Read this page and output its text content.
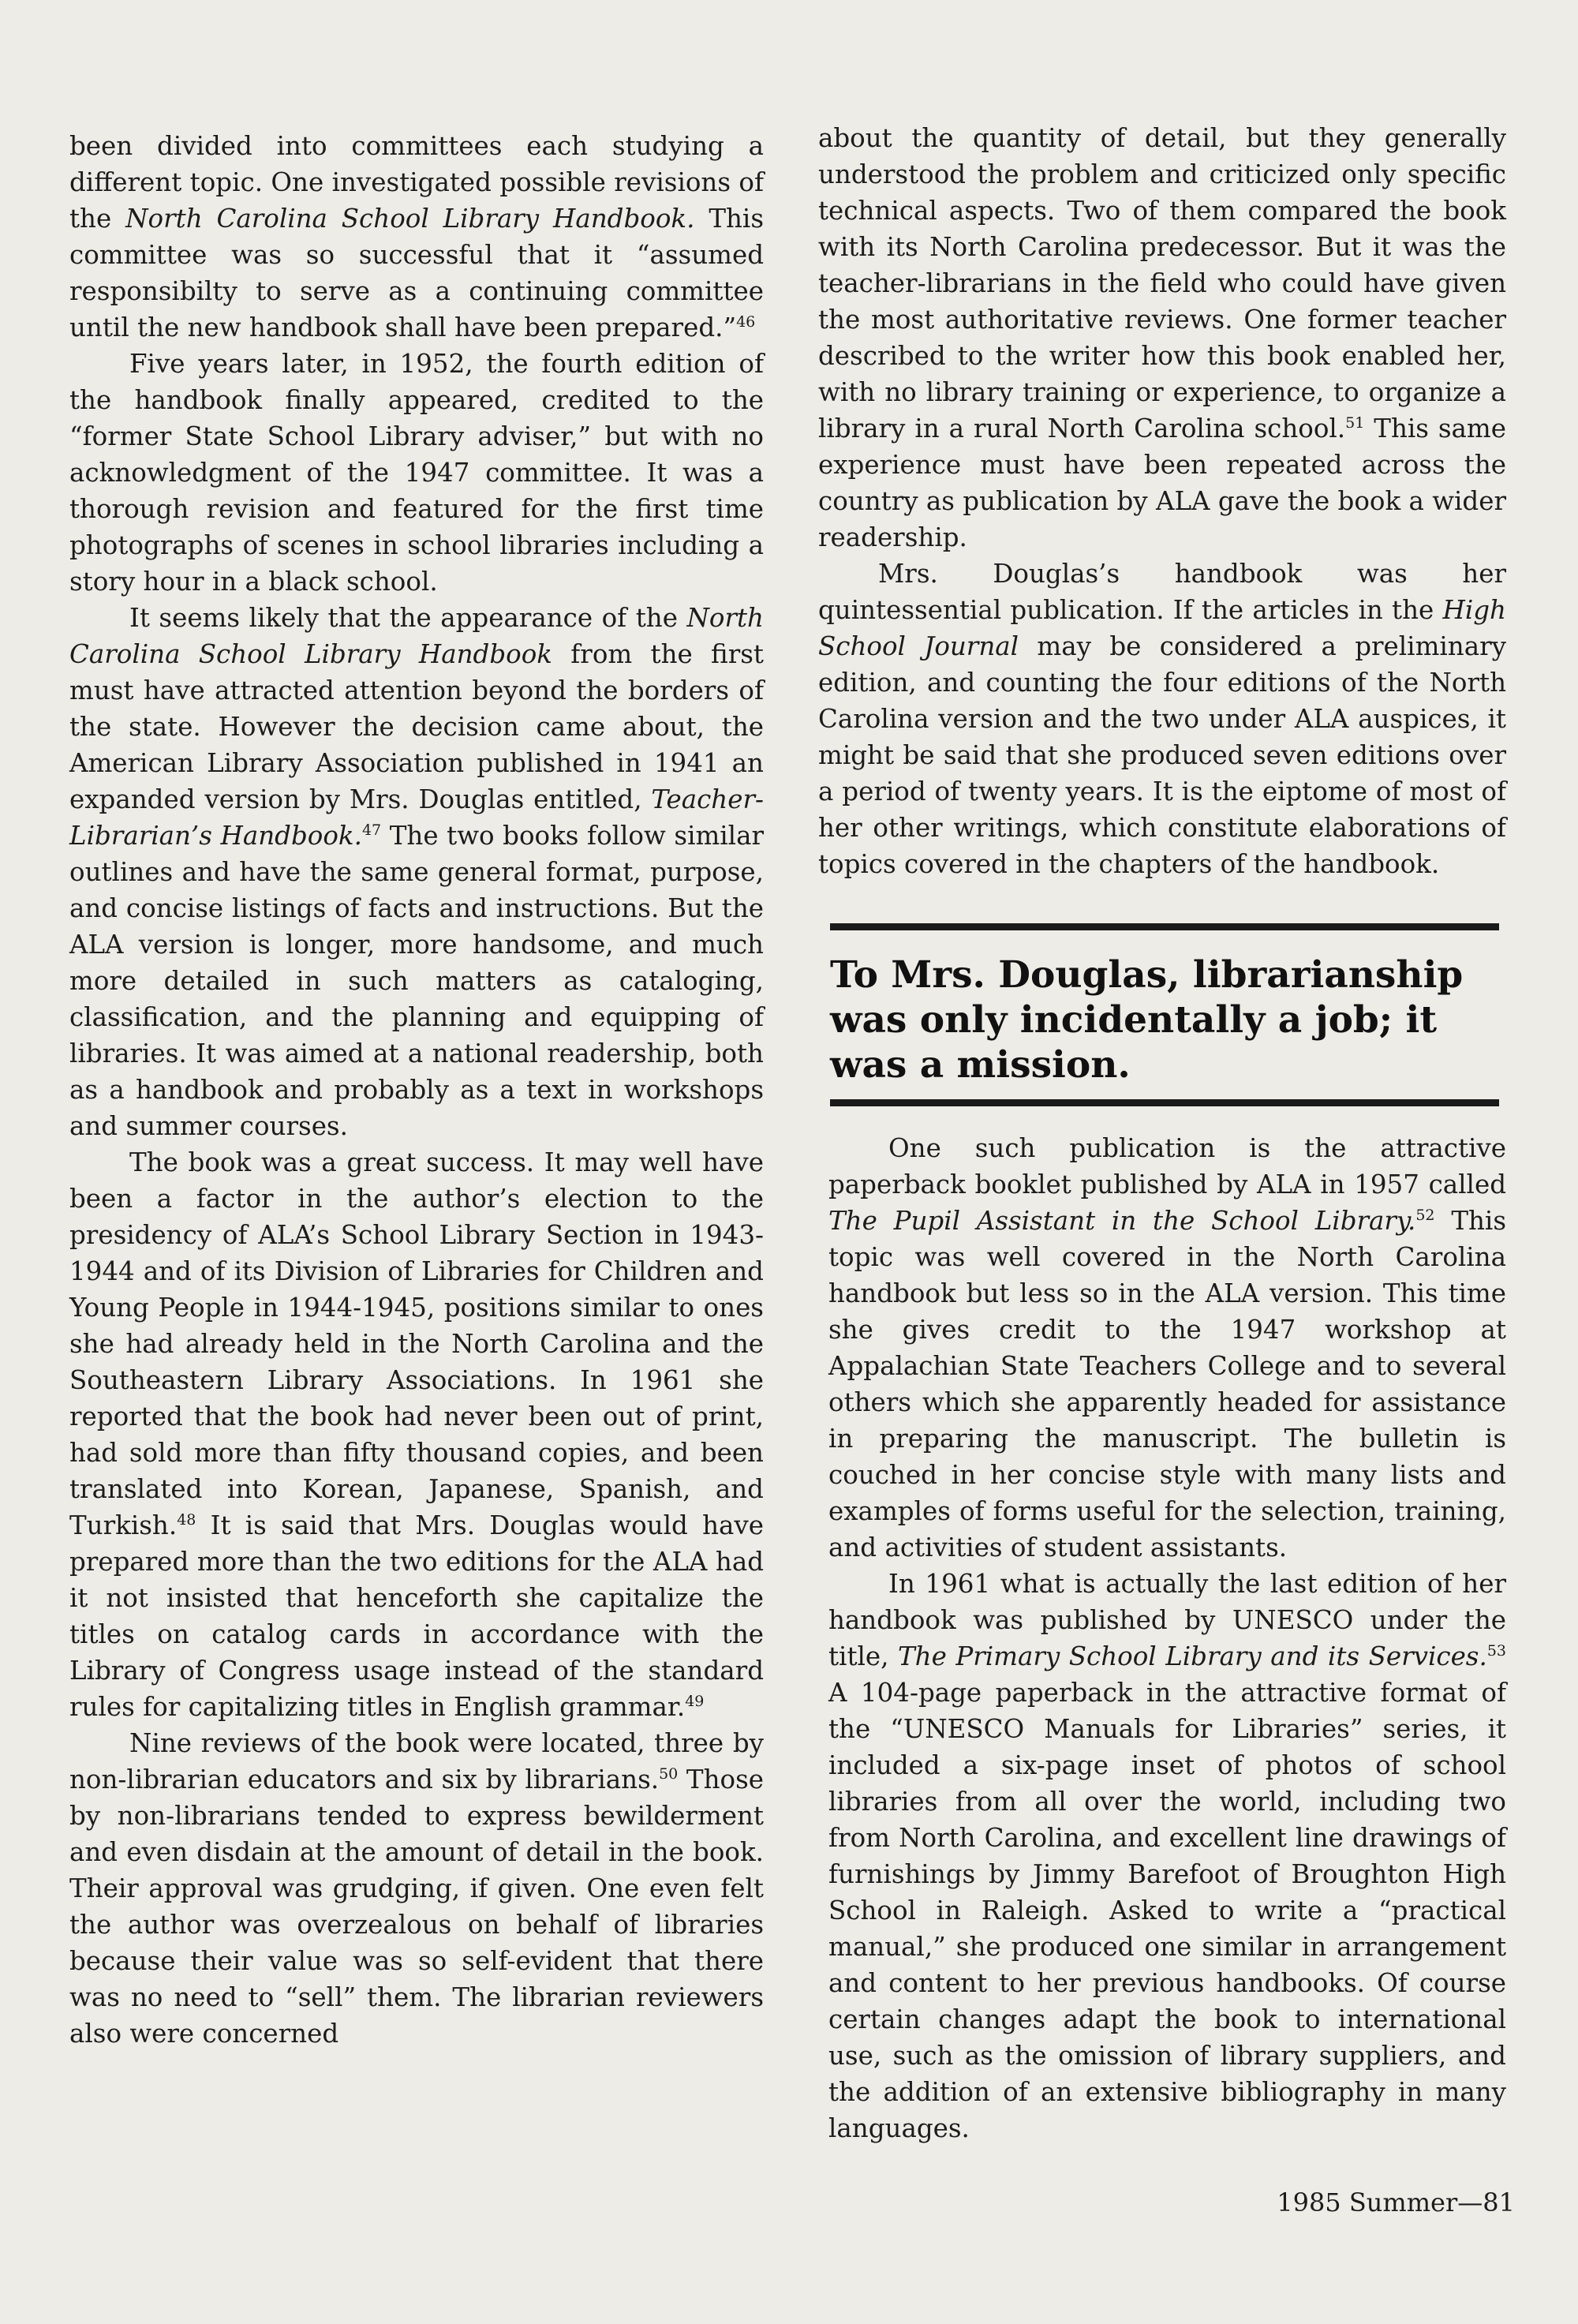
been divided into committees each studying a different topic. One investigated possible revisions of the North Carolina School Library Handbook. This committee was so successful that it “assumed responsibilty to serve as a continuing committee until the new handbook shall have been prepared.”$^{46}$

Five years later, in 1952, the fourth edition of the handbook finally appeared, credited to the “former State School Library adviser,” but with no acknowledgment of the 1947 committee. It was a thorough revision and featured for the first time photographs of scenes in school libraries including a story hour in a black school.

It seems likely that the appearance of the North Carolina School Library Handbook from the first must have attracted attention beyond the borders of the state. However the decision came about, the American Library Association published in 1941 an expanded version by Mrs. Douglas entitled, Teacher-Librarian’s Handbook.$^{47}$ The two books follow similar outlines and have the same general format, purpose, and concise listings of facts and instructions. But the ALA version is longer, more handsome, and much more detailed in such matters as cataloging, classification, and the planning and equipping of libraries. It was aimed at a national readership, both as a handbook and probably as a text in workshops and summer courses.

The book was a great success. It may well have been a factor in the author’s election to the presidency of ALA’s School Library Section in 1943-1944 and of its Division of Libraries for Children and Young People in 1944-1945, positions similar to ones she had already held in the North Carolina and the Southeastern Library Associations. In 1961 she reported that the book had never been out of print, had sold more than fifty thousand copies, and been translated into Korean, Japanese, Spanish, and Turkish.$^{48}$ It is said that Mrs. Douglas would have prepared more than the two editions for the ALA had it not insisted that henceforth she capitalize the titles on catalog cards in accordance with the Library of Congress usage instead of the standard rules for capitalizing titles in English grammar.$^{49}$

Nine reviews of the book were located, three by non-librarian educators and six by librarians.$^{50}$ Those by non-librarians tended to express bewilderment and even disdain at the amount of detail in the book. Their approval was grudging, if given. One even felt the author was overzealous on behalf of libraries because their value was so self-evident that there was no need to “sell” them. The librarian reviewers also were concerned

about the quantity of detail, but they generally understood the problem and criticized only specific technical aspects. Two of them compared the book with its North Carolina predecessor. But it was the teacher-librarians in the field who could have given the most authoritative reviews. One former teacher described to the writer how this book enabled her, with no library training or experience, to organize a library in a rural North Carolina school.$^{51}$ This same experience must have been repeated across the country as publication by ALA gave the book a wider readership.

Mrs. Douglas’s handbook was her quintessential publication. If the articles in the High School Journal may be considered a preliminary edition, and counting the four editions of the North Carolina version and the two under ALA auspices, it might be said that she produced seven editions over a period of twenty years. It is the eiptome of most of her other writings, which constitute elaborations of topics covered in the chapters of the handbook.

To Mrs. Douglas, librarianship was only incidentally a job; it was a mission.

One such publication is the attractive paperback booklet published by ALA in 1957 called The Pupil Assistant in the School Library.$^{52}$ This topic was well covered in the North Carolina handbook but less so in the ALA version. This time she gives credit to the 1947 workshop at Appalachian State Teachers College and to several others which she apparently headed for assistance in preparing the manuscript. The bulletin is couched in her concise style with many lists and examples of forms useful for the selection, training, and activities of student assistants.

In 1961 what is actually the last edition of her handbook was published by UNESCO under the title, The Primary School Library and its Services.$^{53}$ A 104-page paperback in the attractive format of the “UNESCO Manuals for Libraries” series, it included a six-page inset of photos of school libraries from all over the world, including two from North Carolina, and excellent line drawings of furnishings by Jimmy Barefoot of Broughton High School in Raleigh. Asked to write a “practical manual,” she produced one similar in arrangement and content to her previous handbooks. Of course certain changes adapt the book to international use, such as the omission of library suppliers, and the addition of an extensive bibliography in many languages.

1985 Summer—81
